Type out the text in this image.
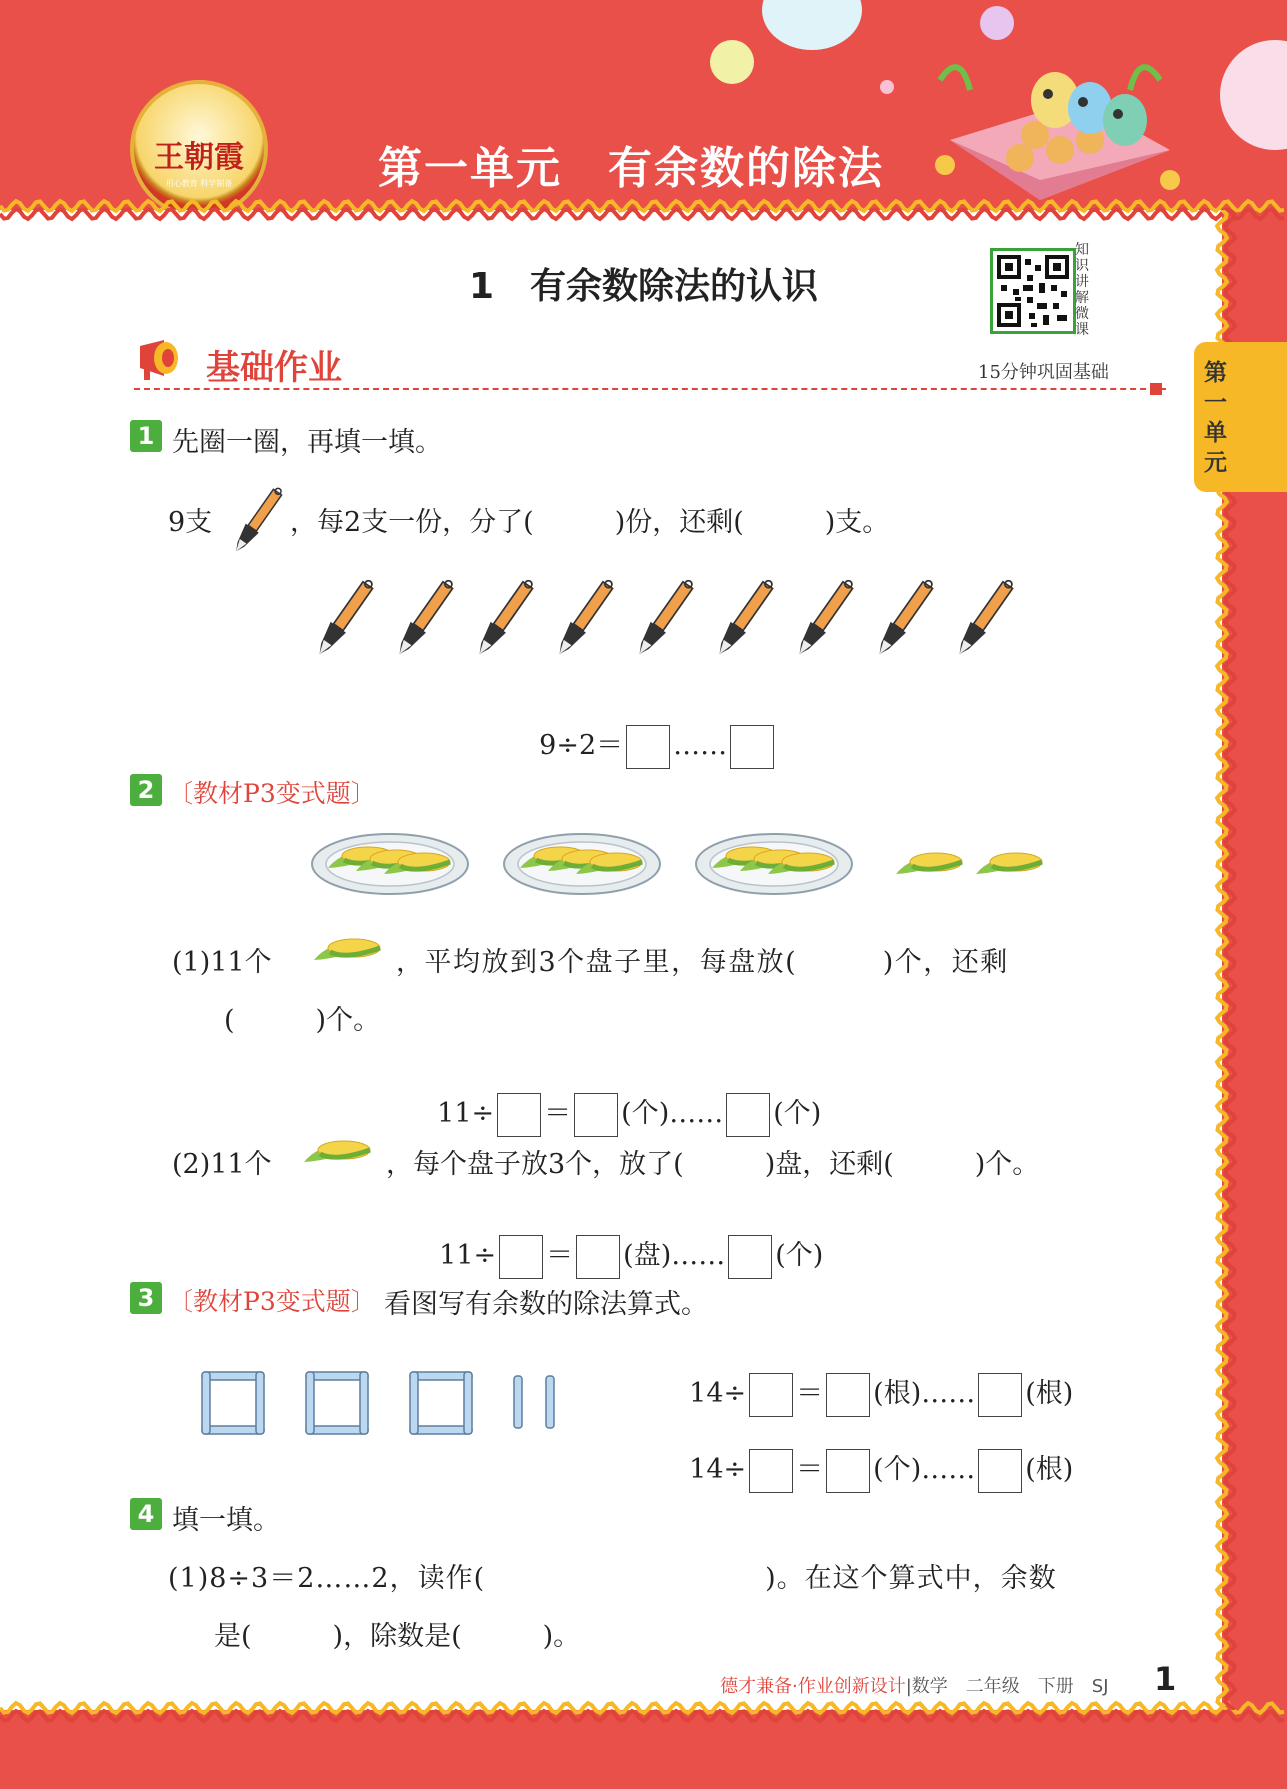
王朝霞
用心教育 科学制备	第一单元　有余数的除法
1　有余数除法的认识
知识讲解微课
基础作业	15分钟巩固基础	第一单元
1 先圈一圈，再填一填。
9支	，每2支一份，分了(　　　)份，还剩(　　　)支。

9÷2＝ ……

2 〔教材P3变式题〕
(1)11个	，平均放到3个盘子里，每盘放(　　　)个，还剩
(　　　)个。

11÷ ＝ (个)…… (个)

(2)11个	，每个盘子放3个，放了(　　　)盘，还剩(　　　)个。

11÷ ＝ (盘)…… (个)

3 〔教材P3变式题〕 看图写有余数的除法算式。

14÷ ＝ (根)…… (根)

14÷ ＝ (个)…… (根)

4 填一填。
(1)8÷3＝2……2，读作(　　　　　　　　　　)。在这个算式中，余数
是(　　　)，除数是(　　　)。
德才兼备·作业创新设计|数学　二年级　下册　SJ 1
